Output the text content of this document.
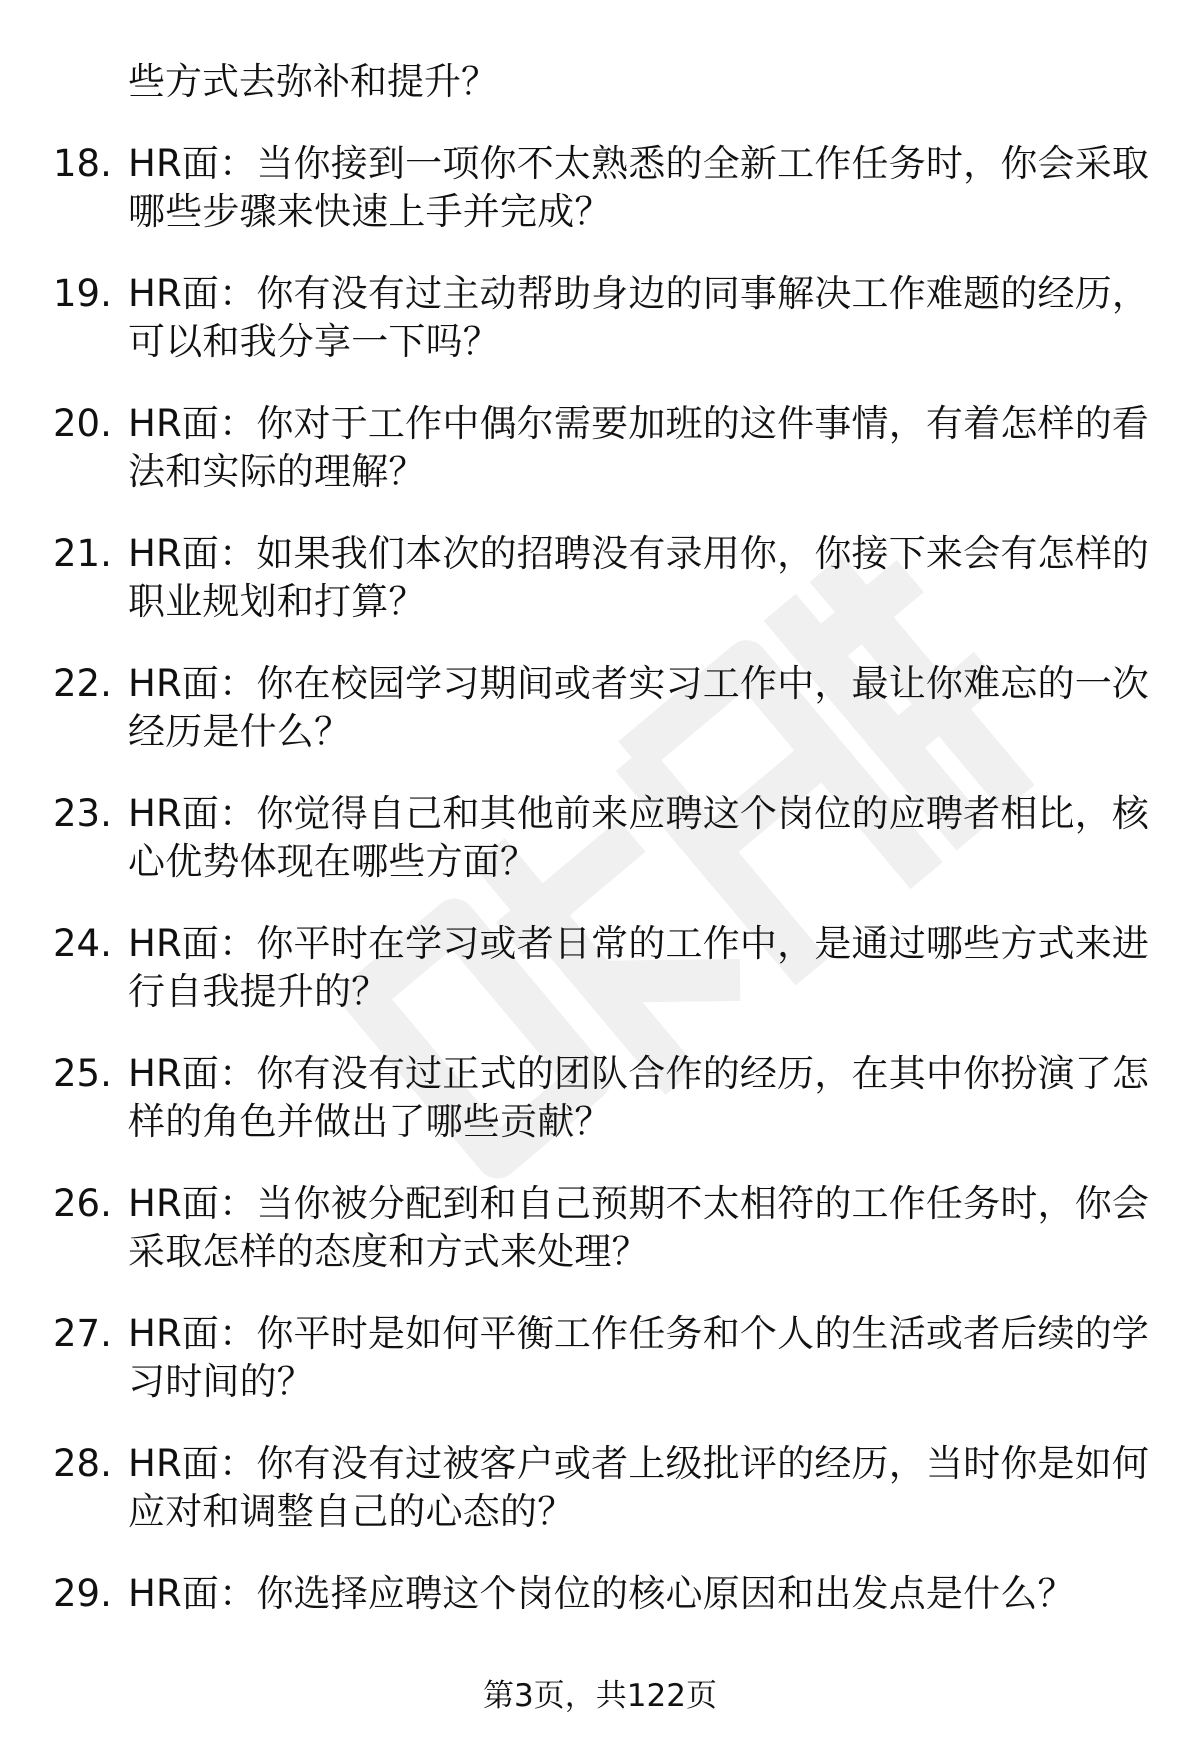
些方式去弥补和提升？
18. HR面：当你接到一项你不太熟悉的全新工作任务时，你会采取哪些步骤来快速上手并完成？
19. HR面：你有没有过主动帮助身边的同事解决工作难题的经历，可以和我分享一下吗？
20. HR面：你对于工作中偶尔需要加班的这件事情，有着怎样的看法和实际的理解？
21. HR面：如果我们本次的招聘没有录用你，你接下来会有怎样的职业规划和打算？
22. HR面：你在校园学习期间或者实习工作中，最让你难忘的一次经历是什么？
23. HR面：你觉得自己和其他前来应聘这个岗位的应聘者相比，核心优势体现在哪些方面？
24. HR面：你平时在学习或者日常的工作中，是通过哪些方式来进行自我提升的？
25. HR面：你有没有过正式的团队合作的经历，在其中你扮演了怎样的角色并做出了哪些贡献？
26. HR面：当你被分配到和自己预期不太相符的工作任务时，你会采取怎样的态度和方式来处理？
27. HR面：你平时是如何平衡工作任务和个人的生活或者后续的学习时间的？
28. HR面：你有没有过被客户或者上级批评的经历，当时你是如何应对和调整自己的心态的？
29. HR面：你选择应聘这个岗位的核心原因和出发点是什么？
第3页，共122页
